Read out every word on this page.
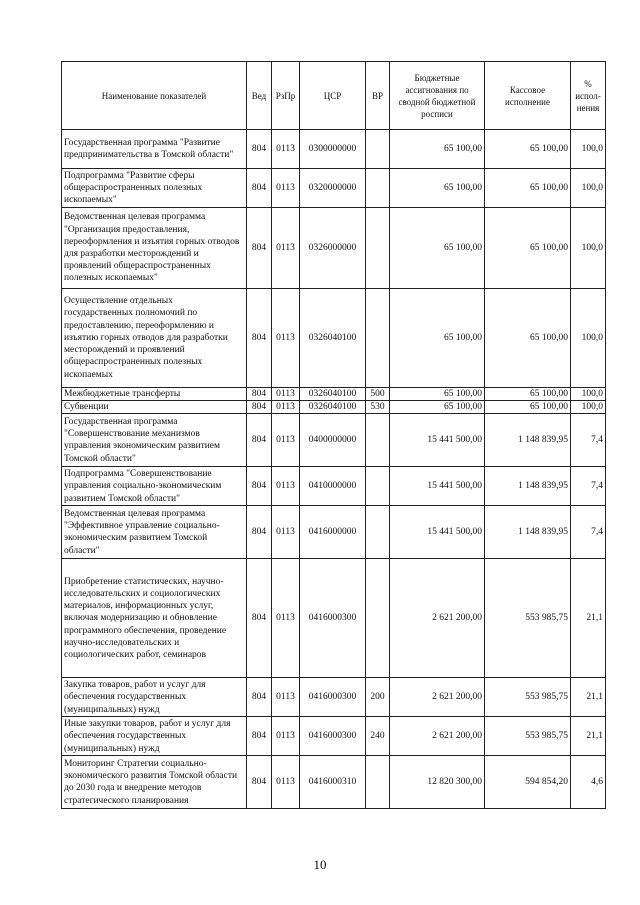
Наименование показателей	Вед	РзПр	ЦСР	ВР	Бюджетные ассигнования по сводной бюджетной росписи	Кассовое исполнение	% испол-нения
Государственная программа "Развитие предпринимательства в Томской области"	804	0113	0300000000		65 100,00	65 100,00	100,0
Подпрограмма "Развитие сферы общераспространенных полезных ископаемых"	804	0113	0320000000		65 100,00	65 100,00	100,0
Ведомственная целевая программа "Организация предоставления, переоформления и изъятия горных отводов для разработки месторождений и проявлений общераспространенных полезных ископаемых"	804	0113	0326000000		65 100,00	65 100,00	100,0
Осуществление отдельных государственных полномочий по предоставлению, переоформлению и изъятию горных отводов для разработки месторождений и проявлений общераспространенных полезных ископаемых	804	0113	0326040100		65 100,00	65 100,00	100,0
Межбюджетные трансферты	804	0113	0326040100	500	65 100,00	65 100,00	100,0
Субвенции	804	0113	0326040100	530	65 100,00	65 100,00	100,0
Государственная программа "Совершенствование механизмов управления экономическим развитием Томской области"	804	0113	0400000000		15 441 500,00	1 148 839,95	7,4
Подпрограмма "Совершенствование управления социально-экономическим развитием Томской области"	804	0113	0410000000		15 441 500,00	1 148 839,95	7,4
Ведомственная целевая программа "Эффективное управление социально-экономическим развитием Томской области"	804	0113	0416000000		15 441 500,00	1 148 839,95	7,4
Приобретение статистических, научно-исследовательских и социологических материалов, информационных услуг, включая модернизацию и обновление программного обеспечения, проведение научно-исследовательских и социологических работ, семинаров	804	0113	0416000300		2 621 200,00	553 985,75	21,1
Закупка товаров, работ и услуг для обеспечения государственных (муниципальных) нужд	804	0113	0416000300	200	2 621 200,00	553 985,75	21,1
Иные закупки товаров, работ и услуг для обеспечения государственных (муниципальных) нужд	804	0113	0416000300	240	2 621 200,00	553 985,75	21,1
Мониторинг Стратегии социально-экономического развития Томской области до 2030 года и внедрение методов стратегического планирования	804	0113	0416000310		12 820 300,00	594 854,20	4,6
10
